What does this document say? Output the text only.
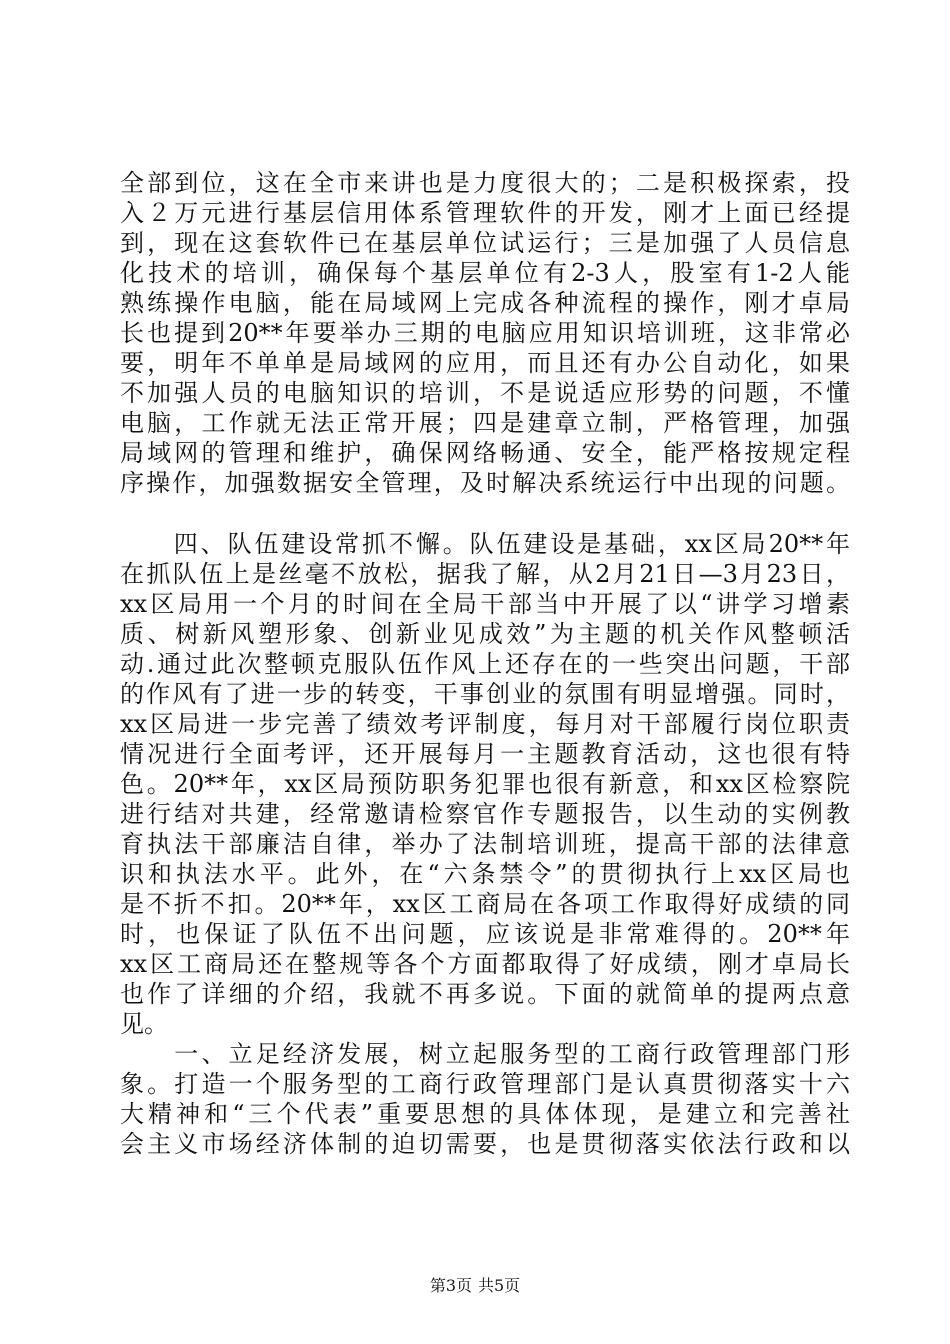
全部到位，这在全市来讲也是力度很大的；二是积极探索，投
入２万元进行基层信用体系管理软件的开发，刚才上面已经提
到，现在这套软件已在基层单位试运行；三是加强了人员信息
化技术的培训，确保每个基层单位有2-3人，股室有1-2人能
熟练操作电脑，能在局域网上完成各种流程的操作，刚才卓局
长也提到20**年要举办三期的电脑应用知识培训班，这非常必
要，明年不单单是局域网的应用，而且还有办公自动化，如果
不加强人员的电脑知识的培训，不是说适应形势的问题，不懂
电脑，工作就无法正常开展；四是建章立制，严格管理，加强
局域网的管理和维护，确保网络畅通、安全，能严格按规定程
序操作，加强数据安全管理，及时解决系统运行中出现的问题。
　　四、队伍建设常抓不懈。队伍建设是基础，xx区局20**年
在抓队伍上是丝毫不放松，据我了解，从2月21日—3月23日，
xx区局用一个月的时间在全局干部当中开展了以“讲学习增素
质、树新风塑形象、创新业见成效”为主题的机关作风整顿活
动.通过此次整顿克服队伍作风上还存在的一些突出问题，干部
的作风有了进一步的转变，干事创业的氛围有明显增强。同时，
xx区局进一步完善了绩效考评制度，每月对干部履行岗位职责
情况进行全面考评，还开展每月一主题教育活动，这也很有特
色。20**年，xx区局预防职务犯罪也很有新意，和xx区检察院
进行结对共建，经常邀请检察官作专题报告，以生动的实例教
育执法干部廉洁自律，举办了法制培训班，提高干部的法律意
识和执法水平。此外，在“六条禁令”的贯彻执行上xx区局也
是不折不扣。20**年，xx区工商局在各项工作取得好成绩的同
时，也保证了队伍不出问题，应该说是非常难得的。20**年
xx区工商局还在整规等各个方面都取得了好成绩，刚才卓局长
也作了详细的介绍，我就不再多说。下面的就简单的提两点意
见。
　　一、立足经济发展，树立起服务型的工商行政管理部门形
象。打造一个服务型的工商行政管理部门是认真贯彻落实十六
大精神和“三个代表”重要思想的具体体现，是建立和完善社
会主义市场经济体制的迫切需要，也是贯彻落实依法行政和以
第3页 共5页
